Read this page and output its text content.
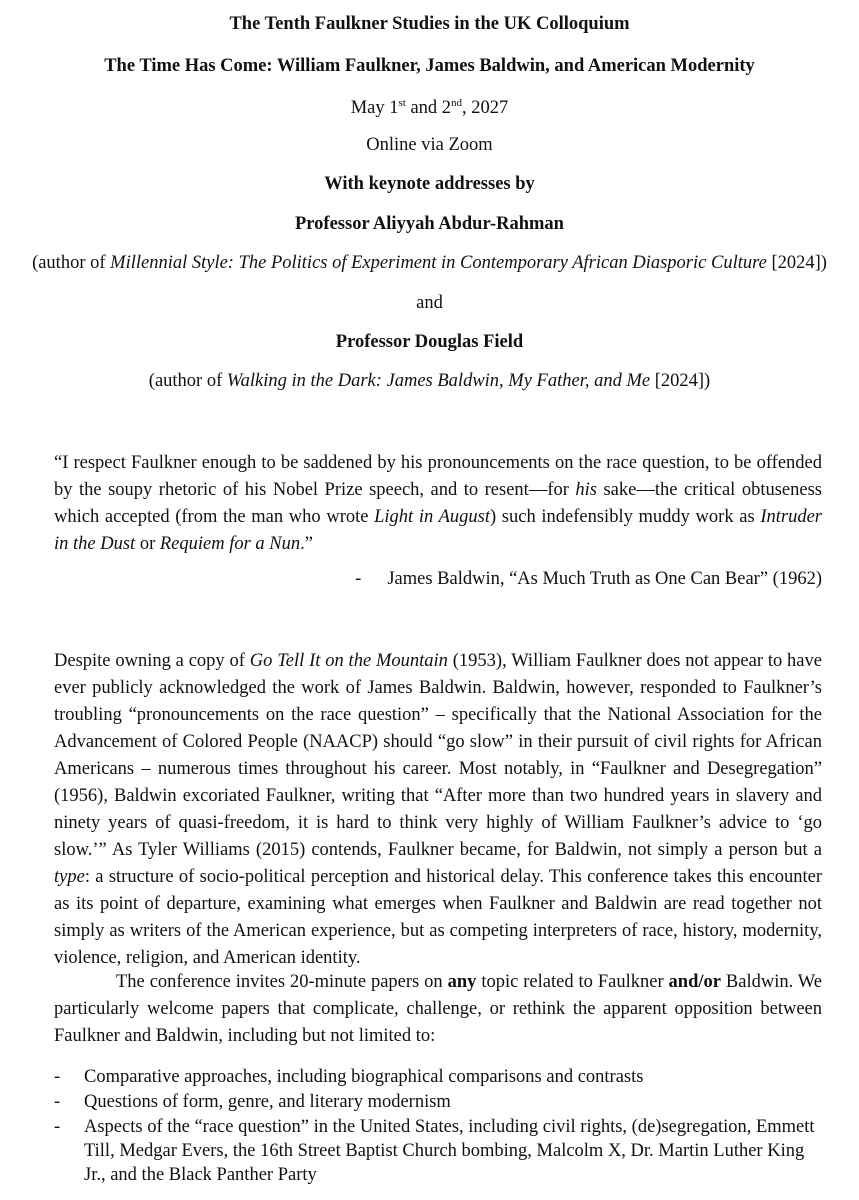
The Tenth Faulkner Studies in the UK Colloquium

The Time Has Come: William Faulkner, James Baldwin, and American Modernity

May 1st and 2nd, 2027

Online via Zoom

With keynote addresses by

Professor Aliyyah Abdur-Rahman

(author of Millennial Style: The Politics of Experiment in Contemporary African Diasporic Culture [2024])

and

Professor Douglas Field

(author of Walking in the Dark: James Baldwin, My Father, and Me [2024])

“I respect Faulkner enough to be saddened by his pronouncements on the race question, to be offended by the soupy rhetoric of his Nobel Prize speech, and to resent—for his sake—the critical obtuseness which accepted (from the man who wrote Light in August) such indefensibly muddy work as Intruder in the Dust or Requiem for a Nun.”

- James Baldwin, “As Much Truth as One Can Bear” (1962)

Despite owning a copy of Go Tell It on the Mountain (1953), William Faulkner does not appear to have ever publicly acknowledged the work of James Baldwin. Baldwin, however, responded to Faulkner’s troubling “pronouncements on the race question” – specifically that the National Association for the Advancement of Colored People (NAACP) should “go slow” in their pursuit of civil rights for African Americans – numerous times throughout his career. Most notably, in “Faulkner and Desegregation” (1956), Baldwin excoriated Faulkner, writing that “After more than two hundred years in slavery and ninety years of quasi-freedom, it is hard to think very highly of William Faulkner’s advice to ‘go slow.’” As Tyler Williams (2015) contends, Faulkner became, for Baldwin, not simply a person but a type: a structure of socio-political perception and historical delay. This conference takes this encounter as its point of departure, examining what emerges when Faulkner and Baldwin are read together not simply as writers of the American experience, but as competing interpreters of race, history, modernity, violence, religion, and American identity.

The conference invites 20-minute papers on any topic related to Faulkner and/or Baldwin. We particularly welcome papers that complicate, challenge, or rethink the apparent opposition between Faulkner and Baldwin, including but not limited to:

- Comparative approaches, including biographical comparisons and contrasts
- Questions of form, genre, and literary modernism
- Aspects of the “race question” in the United States, including civil rights, (de)segregation, Emmett Till, Medgar Evers, the 16th Street Baptist Church bombing, Malcolm X, Dr. Martin Luther King Jr., and the Black Panther Party
